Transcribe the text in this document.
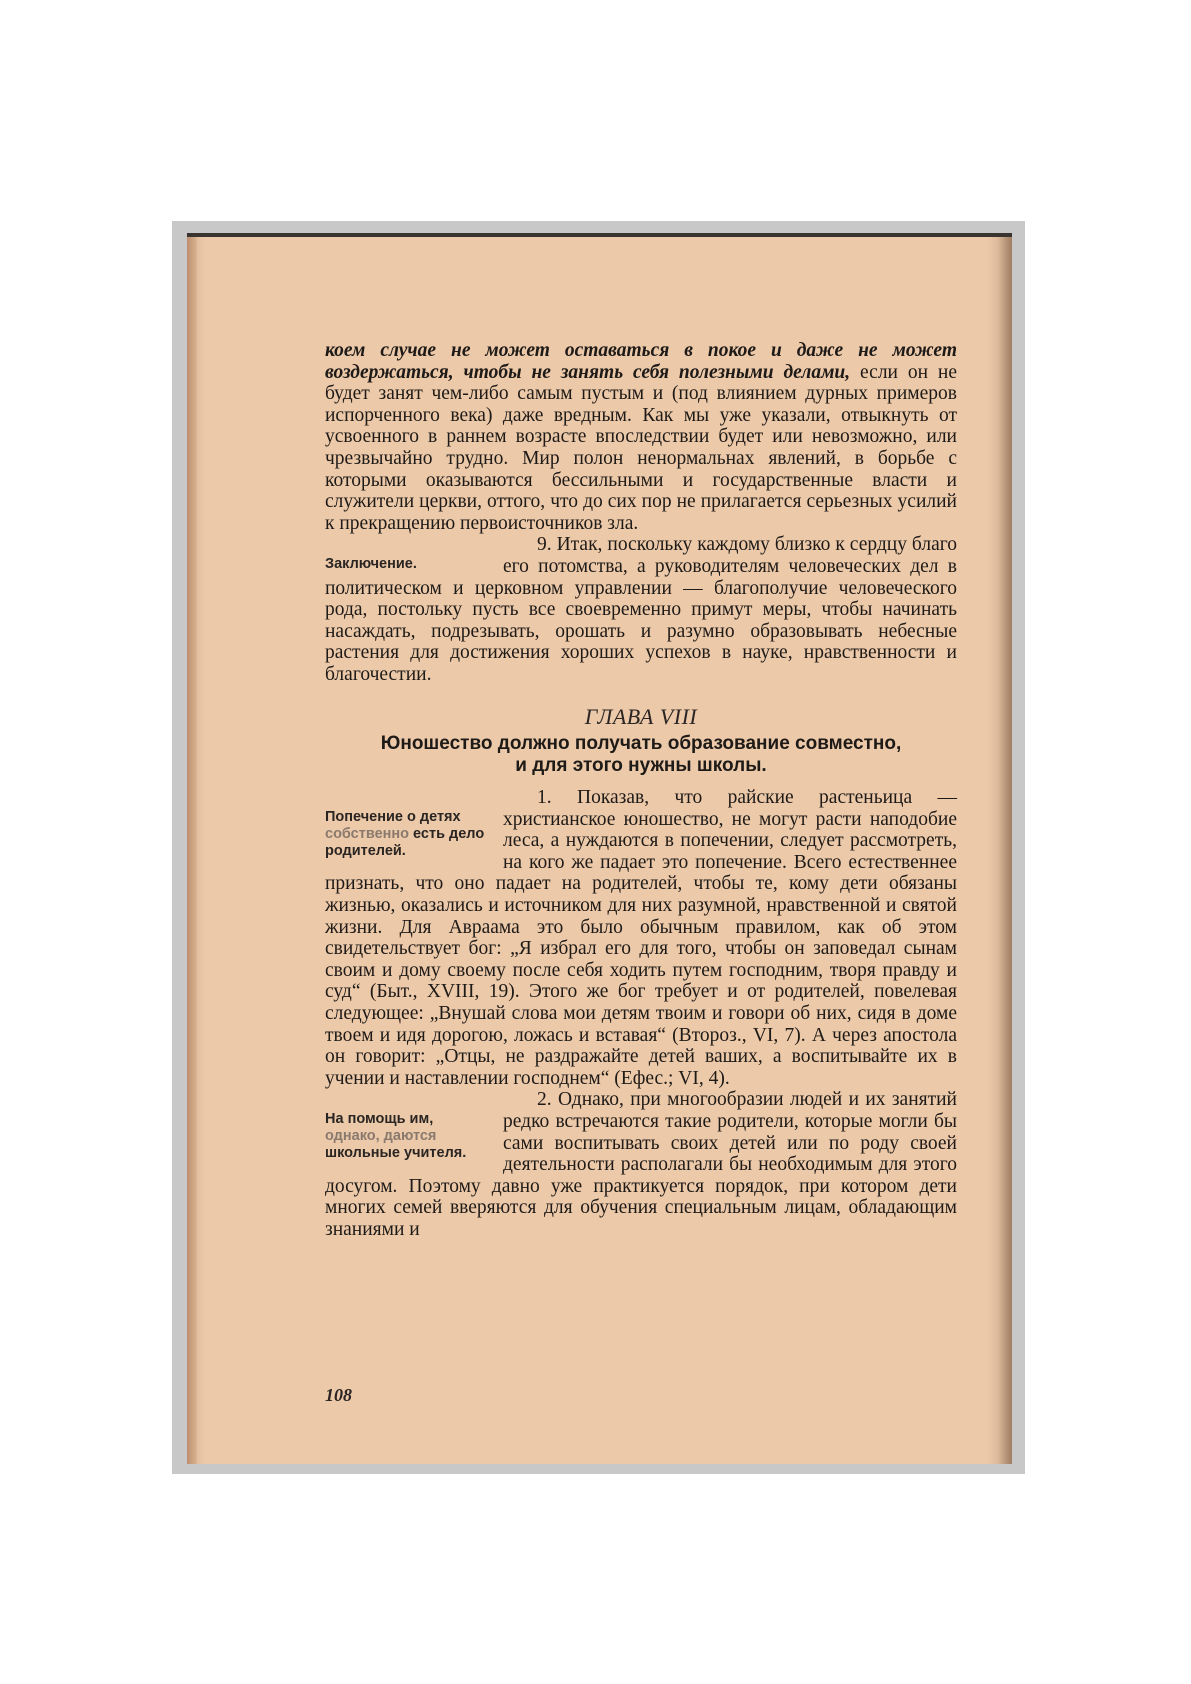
коем случае не может оставаться в покое и даже не может воздержаться, чтобы не занять себя полезными делами, если он не будет занят чем-либо самым пустым и (под влиянием дурных примеров испорченного века) даже вредным. Как мы уже указали, отвыкнуть от усвоенного в раннем возрасте впоследствии будет или невозможно, или чрезвычайно трудно. Мир полон ненормальнах явлений, в борьбе с которыми оказываются бессильными и государственные власти и служители церкви, оттого, что до сих пор не прилагается серьезных усилий к прекращению первоисточников зла.

Заключение.

9. Итак, поскольку каждому близко к сердцу благо его потомства, а руководителям человеческих дел в политическом и церковном управлении — благополучие человеческого рода, постольку пусть все своевременно примут меры, чтобы начинать насаждать, подрезывать, орошать и разумно образовывать небесные растения для достижения хороших успехов в науке, нравственности и благочестии.

ГЛАВА VIII
Юношество должно получать образование совместно,
и для этого нужны школы.
Попечение о детях собственно есть дело родителей.

1. Показав, что райские растеньица — христианское юношество, не могут расти наподобие леса, а нуждаются в попечении, следует рассмотреть, на кого же падает это попечение. Всего естественнее признать, что оно падает на родителей, чтобы те, кому дети обязаны жизнью, оказались и источником для них разумной, нравственной и святой жизни. Для Авраама это было обычным правилом, как об этом свидетельствует бог: „Я избрал его для того, чтобы он заповедал сынам своим и дому своему после себя ходить путем господним, творя правду и суд“ (Быт., XVIII, 19). Этого же бог требует и от родителей, повелевая следующее: „Внушай слова мои детям твоим и говори об них, сидя в доме твоем и идя дорогою, ложась и вставая“ (Второз., VI, 7). А через апостола он говорит: „Отцы, не раздражайте детей ваших, а воспитывайте их в учении и наставлении господнем“ (Ефес.; VI, 4).

На помощь им, однако, даются школьные учителя.

2. Однако, при многообразии людей и их занятий редко встречаются такие родители, которые могли бы сами воспитывать своих детей или по роду своей деятельности располагали бы необходимым для этого досугом. Поэтому давно уже практикуется порядок, при котором дети многих семей вверяются для обучения специальным лицам, обладающим знаниями и

108
